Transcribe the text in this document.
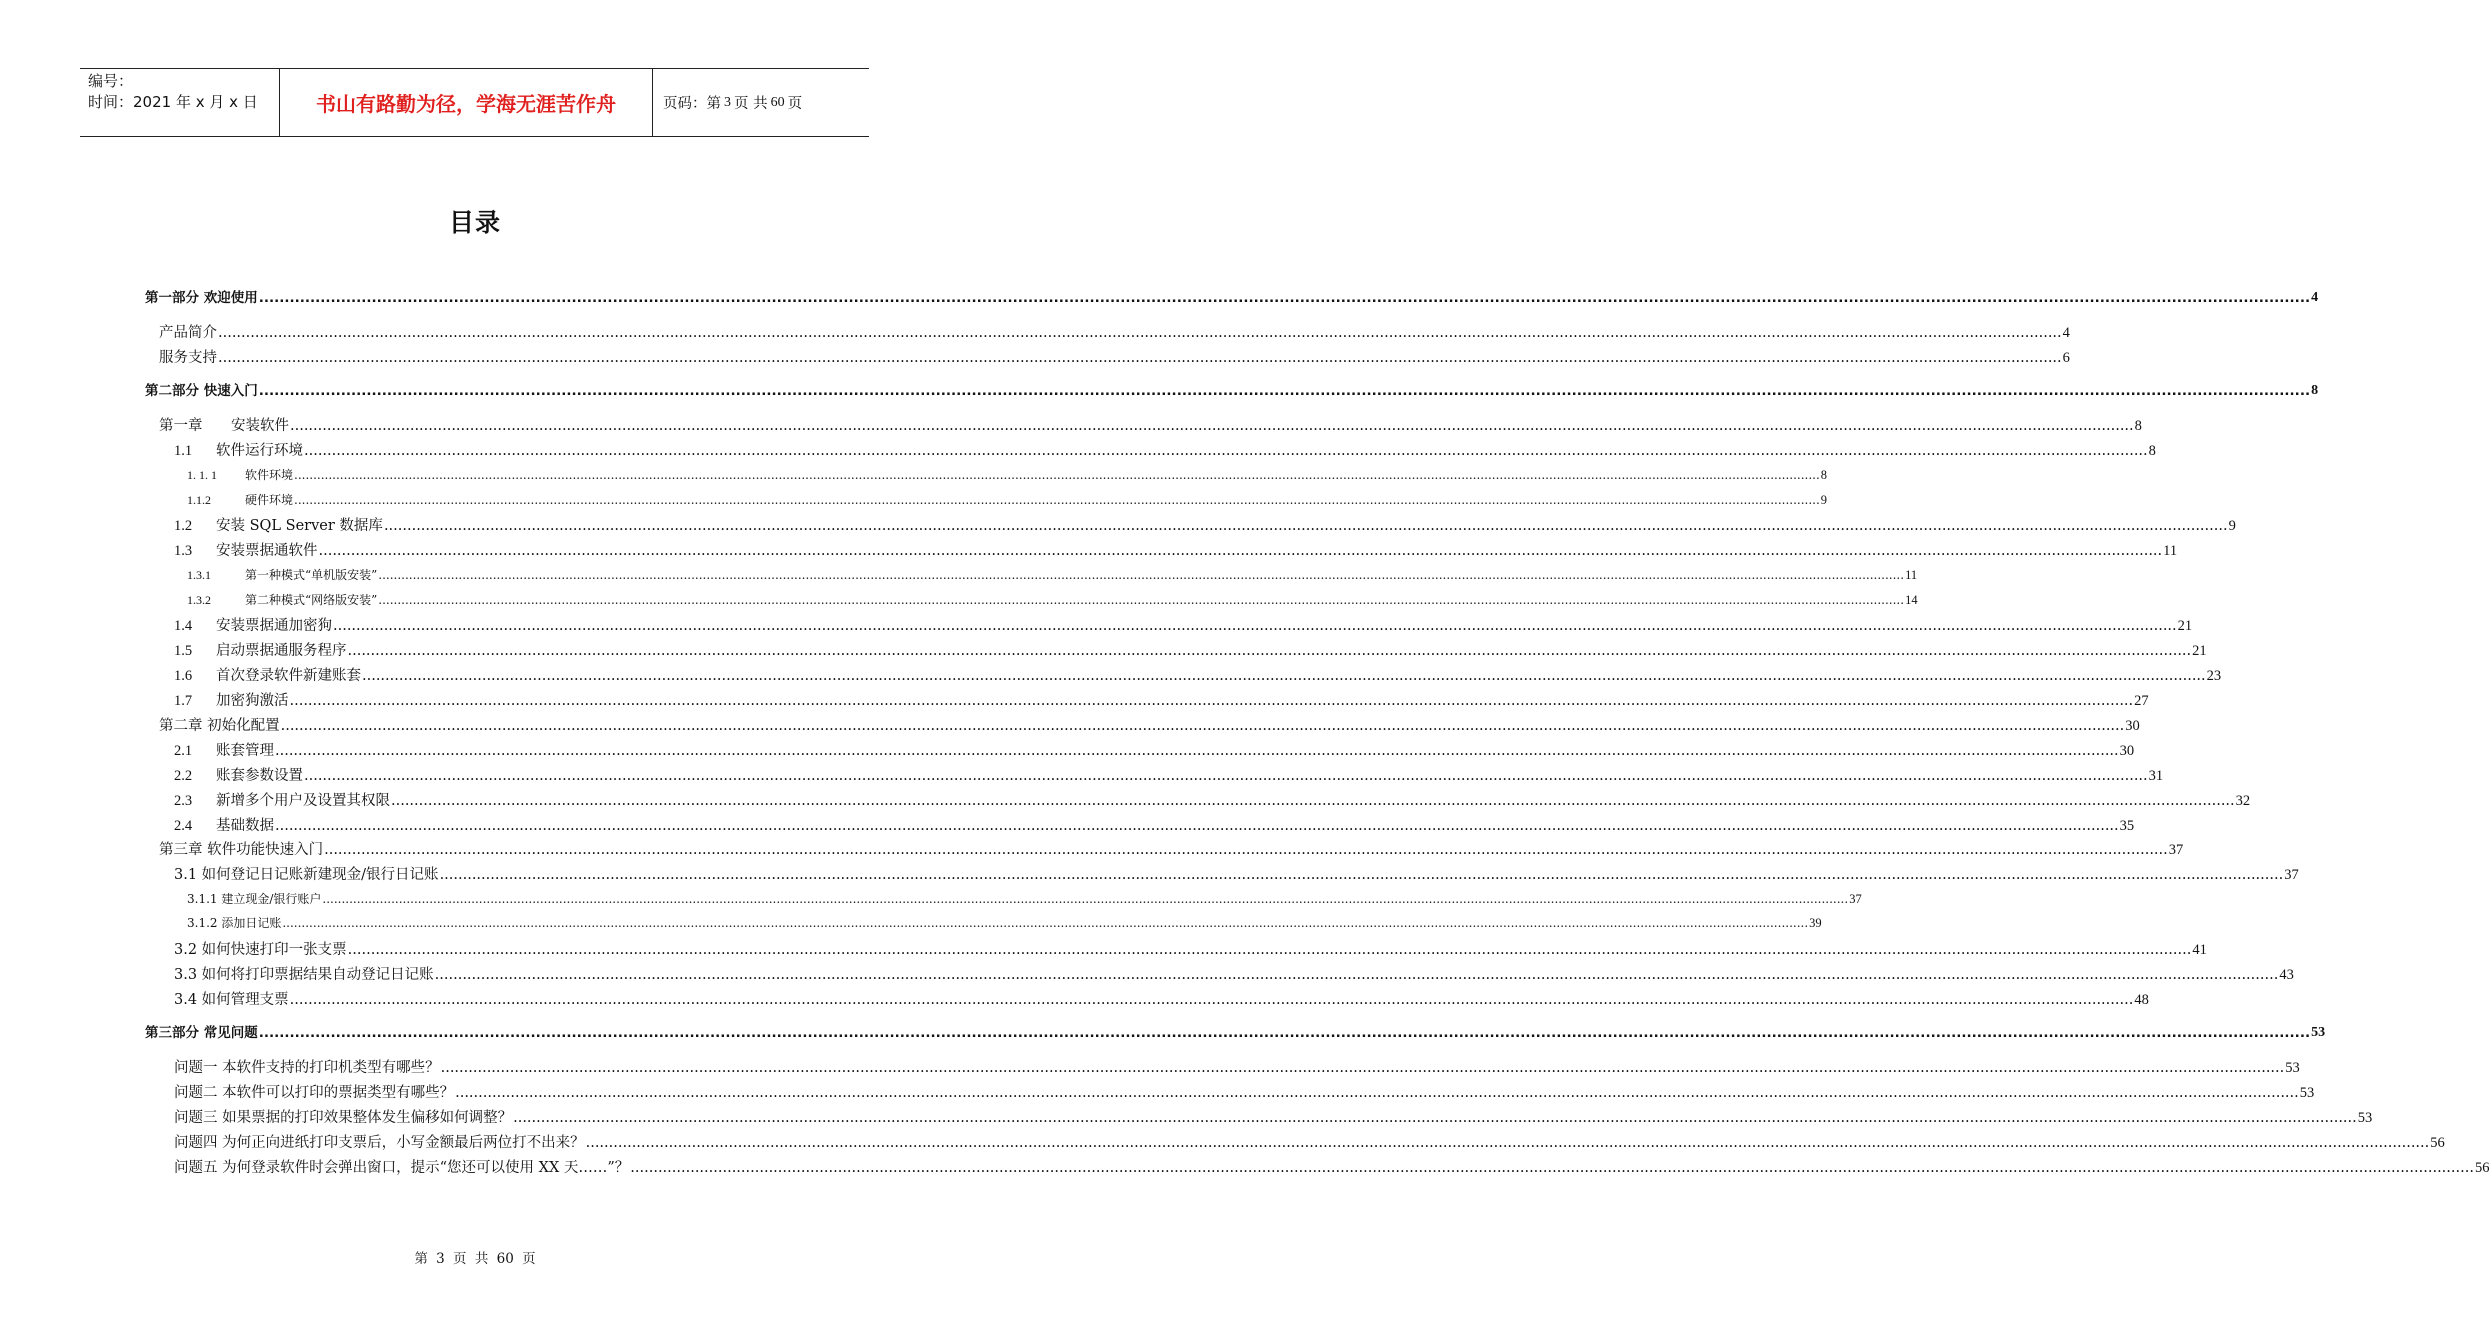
编号：
时间：2021 年 x 月 x 日	书山有路勤为径，学海无涯苦作舟	页码：第 3 页 共 60 页
目录
第一部分 欢迎使用 ................................................................................................................................................................................................................................................................................................................................................................................................................ 4
产品简介 ................................................................................................................................................................................................................................................................................................................................................................................................................ 4
服务支持 ................................................................................................................................................................................................................................................................................................................................................................................................................ 6
第二部分 快速入门 ................................................................................................................................................................................................................................................................................................................................................................................................................ 8
第一章 安装软件 ................................................................................................................................................................................................................................................................................................................................................................................................................ 8
1.1 软件运行环境 ................................................................................................................................................................................................................................................................................................................................................................................................................ 8
1. 1. 1 软件环境 ................................................................................................................................................................................................................................................................................................................................................................................................................ 8
1.1.2	硬件环境 ................................................................................................................................................................................................................................................................................................................................................................................................................ 9
1.2 安装 SQL Server 数据库 ................................................................................................................................................................................................................................................................................................................................................................................................................ 9
1.3 安装票据通软件 ................................................................................................................................................................................................................................................................................................................................................................................................................ 11
1.3.1	第一种模式“单机版安装” ................................................................................................................................................................................................................................................................................................................................................................................................................ 11
1.3.2	第二种模式“网络版安装” ................................................................................................................................................................................................................................................................................................................................................................................................................ 14
1.4 安装票据通加密狗 ................................................................................................................................................................................................................................................................................................................................................................................................................ 21
1.5 启动票据通服务程序 ................................................................................................................................................................................................................................................................................................................................................................................................................ 21
1.6 首次登录软件新建账套 ................................................................................................................................................................................................................................................................................................................................................................................................................ 23
1.7 加密狗激活 ................................................................................................................................................................................................................................................................................................................................................................................................................ 27
第二章 初始化配置 ................................................................................................................................................................................................................................................................................................................................................................................................................ 30
2.1 账套管理 ................................................................................................................................................................................................................................................................................................................................................................................................................ 30
2.2 账套参数设置 ................................................................................................................................................................................................................................................................................................................................................................................................................ 31
2.3 新增多个用户及设置其权限 ................................................................................................................................................................................................................................................................................................................................................................................................................ 32
2.4 基础数据 ................................................................................................................................................................................................................................................................................................................................................................................................................ 35
第三章 软件功能快速入门 ................................................................................................................................................................................................................................................................................................................................................................................................................ 37
3.1 如何登记日记账新建现金/银行日记账 ................................................................................................................................................................................................................................................................................................................................................................................................................ 37
3.1.1 建立现金/银行账户 ................................................................................................................................................................................................................................................................................................................................................................................................................ 37
3.1.2 添加日记账 ................................................................................................................................................................................................................................................................................................................................................................................................................ 39
3.2 如何快速打印一张支票 ................................................................................................................................................................................................................................................................................................................................................................................................................ 41
3.3 如何将打印票据结果自动登记日记账 ................................................................................................................................................................................................................................................................................................................................................................................................................ 43
3.4 如何管理支票 ................................................................................................................................................................................................................................................................................................................................................................................................................ 48
第三部分 常见问题 ................................................................................................................................................................................................................................................................................................................................................................................................................ 53
问题一 本软件支持的打印机类型有哪些？ ................................................................................................................................................................................................................................................................................................................................................................................................................ 53
问题二 本软件可以打印的票据类型有哪些？ ................................................................................................................................................................................................................................................................................................................................................................................................................ 53
问题三 如果票据的打印效果整体发生偏移如何调整？ ................................................................................................................................................................................................................................................................................................................................................................................................................ 53
问题四 为何正向进纸打印支票后，小写金额最后两位打不出来？ ................................................................................................................................................................................................................................................................................................................................................................................................................ 56
问题五 为何登录软件时会弹出窗口，提示“您还可以使用 XX 天……”？ ................................................................................................................................................................................................................................................................................................................................................................................................................ 56
第 3 页 共 60 页
